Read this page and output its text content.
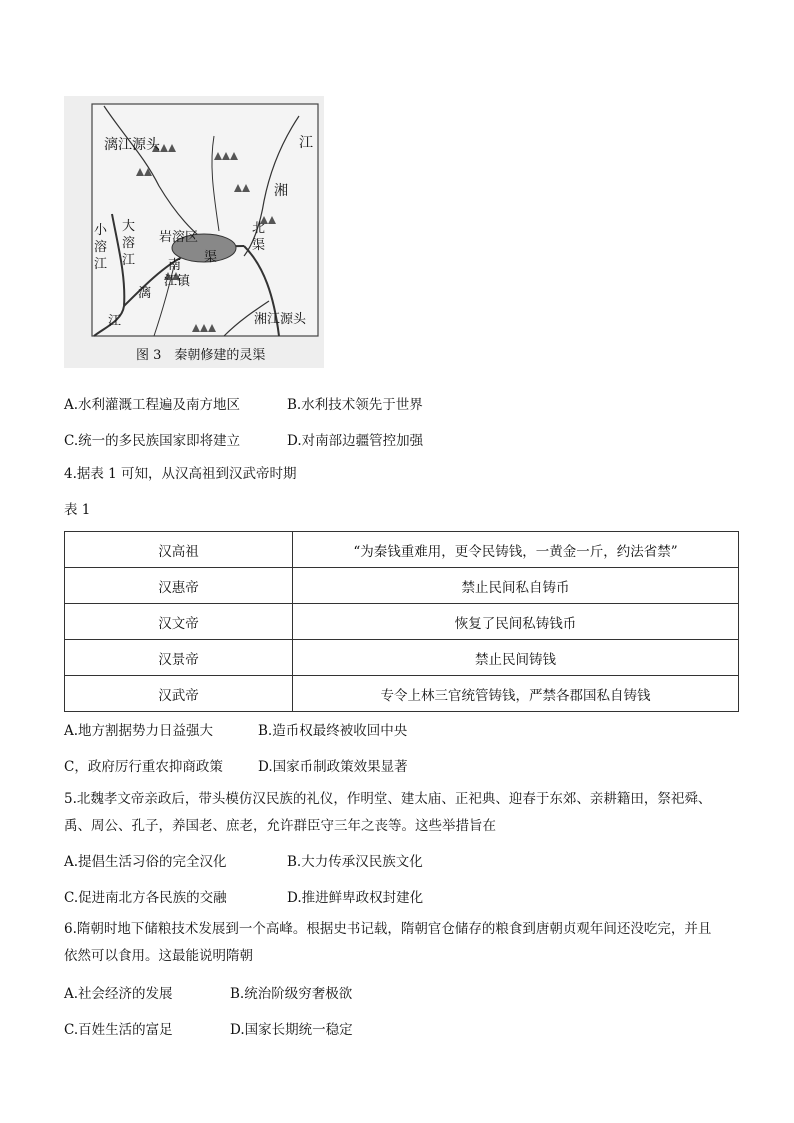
漓江源头	江
湘
小
溶
江
大
溶
江
岩溶区
渠
南
江镇
北
渠
漓
江	湘江源头
图 3　秦朝修建的灵渠
A.水利灌溉工程遍及南方地区	B.水利技术领先于世界
C.统一的多民族国家即将建立	D.对南部边疆管控加强
4.据表 1 可知，从汉高祖到汉武帝时期
表 1
汉高祖	“为秦钱重难用，更令民铸钱，一黄金一斤，约法省禁”
汉惠帝	禁止民间私自铸币
汉文帝	恢复了民间私铸钱币
汉景帝	禁止民间铸钱
汉武帝	专令上林三官统管铸钱，严禁各郡国私自铸钱
A.地方割据势力日益强大	B.造币权最终被收回中央
C，政府厉行重农抑商政策	D.国家币制政策效果显著
5.北魏孝文帝亲政后，带头模仿汉民族的礼仪，作明堂、建太庙、正祀典、迎春于东郊、亲耕籍田，祭祀舜、
禹、周公、孔子，养国老、庶老，允许群臣守三年之丧等。这些举措旨在
A.提倡生活习俗的完全汉化	B.大力传承汉民族文化
C.促进南北方各民族的交融	D.推进鲜卑政权封建化
6.隋朝时地下储粮技术发展到一个高峰。根据史书记载，隋朝官仓储存的粮食到唐朝贞观年间还没吃完，并且
依然可以食用。这最能说明隋朝
A.社会经济的发展	B.统治阶级穷奢极欲
C.百姓生活的富足	D.国家长期统一稳定
